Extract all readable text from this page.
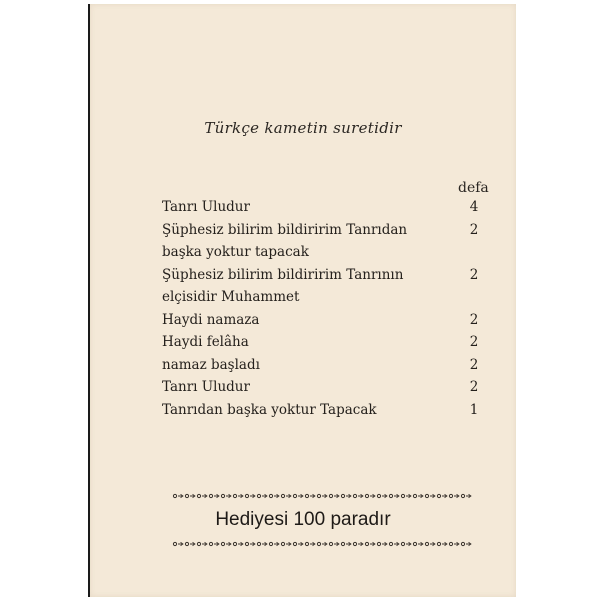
Türkçe kametin suretidir
defa
Tanrı Uludur	4
Şüphesiz bilirim bildiririm Tanrıdan	2
başka yoktur tapacak
Şüphesiz bilirim bildiririm Tanrının	2
elçisidir Muhammet
Haydi namaza	2
Haydi felâha	2
namaz başladı	2
Tanrı Uludur	2
Tanrıdan başka yoktur Tapacak	1
Hediyesi 100 paradır
